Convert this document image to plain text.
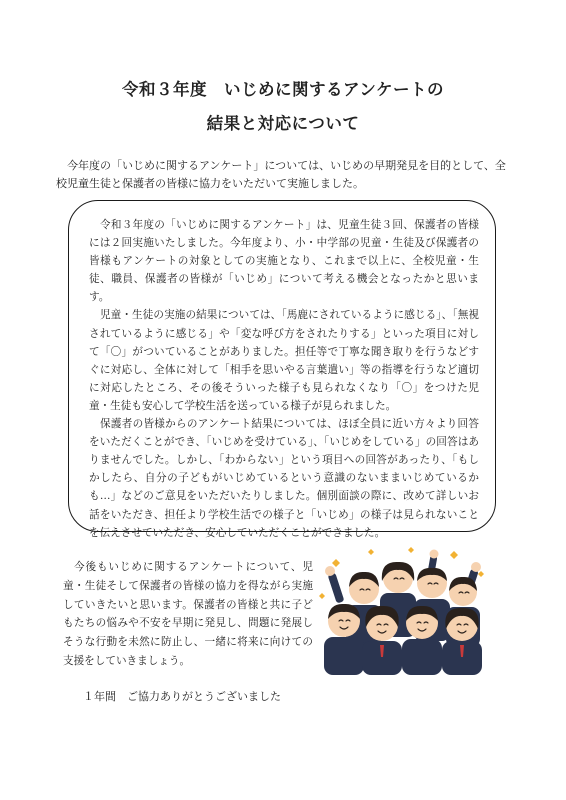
令和３年度　いじめに関するアンケートの
結果と対応について

今年度の「いじめに関するアンケート」については、いじめの早期発見を目的として、全校児童生徒と保護者の皆様に協力をいただいて実施しました。

令和３年度の「いじめに関するアンケート」は、児童生徒３回、保護者の皆様には２回実施いたしました。今年度より、小・中学部の児童・生徒及び保護者の皆様もアンケートの対象としての実施となり、これまで以上に、全校児童・生徒、職員、保護者の皆様が「いじめ」について考える機会となったかと思います。

児童・生徒の実施の結果については、「馬鹿にされているように感じる」、「無視されているように感じる」や「変な呼び方をされたりする」といった項目に対して「〇」がついていることがありました。担任等で丁寧な聞き取りを行うなどすぐに対応し、全体に対して「相手を思いやる言葉遣い」等の指導を行うなど適切に対応したところ、その後そういった様子も見られなくなり「〇」をつけた児童・生徒も安心して学校生活を送っている様子が見られました。

保護者の皆様からのアンケート結果については、ほぼ全員に近い方々より回答をいただくことができ、「いじめを受けている」、「いじめをしている」の回答はありませんでした。しかし、「わからない」という項目への回答があったり、「もしかしたら、自分の子どもがいじめているという意識のないままいじめているかも…」などのご意見をいただいたりしました。個別面談の際に、改めて詳しいお話をいただき、担任より学校生活での様子と「いじめ」の様子は見られないことを伝えさせていただき、安心していただくことができました。

今後もいじめに関するアンケートについて、児童・生徒そして保護者の皆様の協力を得ながら実施していきたいと思います。保護者の皆様と共に子どもたちの悩みや不安を早期に発見し、問題に発展しそうな行動を未然に防止し、一緒に将来に向けての支援をしていきましょう。

１年間　ご協力ありがとうございました
